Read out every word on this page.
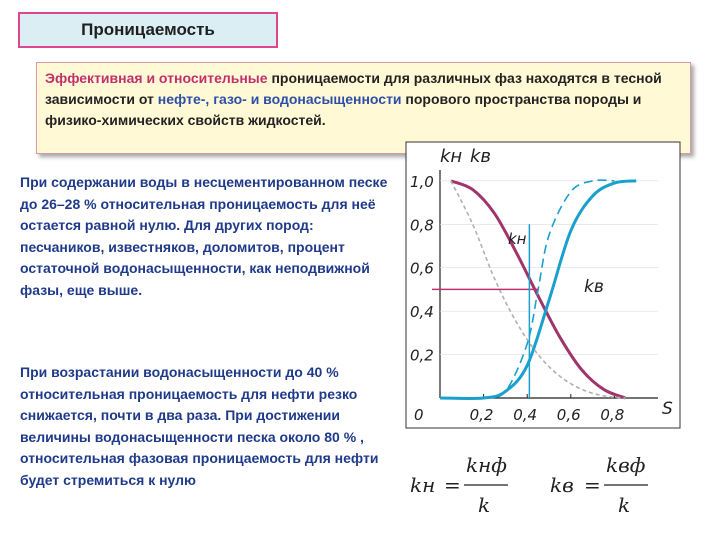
Проницаемость
Эффективная и относительные проницаемости для различных фаз находятся в тесной зависимости от нефте-, газо- и водонасыщенности порового пространства породы и физико-химических свойств жидкостей.
При содержании воды в несцементированном песке до 26–28 % относительная проницаемость для неё остается равной нулю. Для других пород: песчаников, известняков, доломитов, процент остаточной водонасыщенности, как неподвижной фазы, еще выше.
При возрастании водонасыщенности до 40 % относительная проницаемость для нефти резко снижается, почти в два раза. При достижении величины водонасыщенности песка около 80 % , относительная фазовая проницаемость для нефти будет стремиться к нулю
kн kв
0,2
0,4
0,6
0,8
1,0
0	0,2 0,4 0,6 0,8
kн
kв
S
kн =
kнф
k
kв =
kвф
k
